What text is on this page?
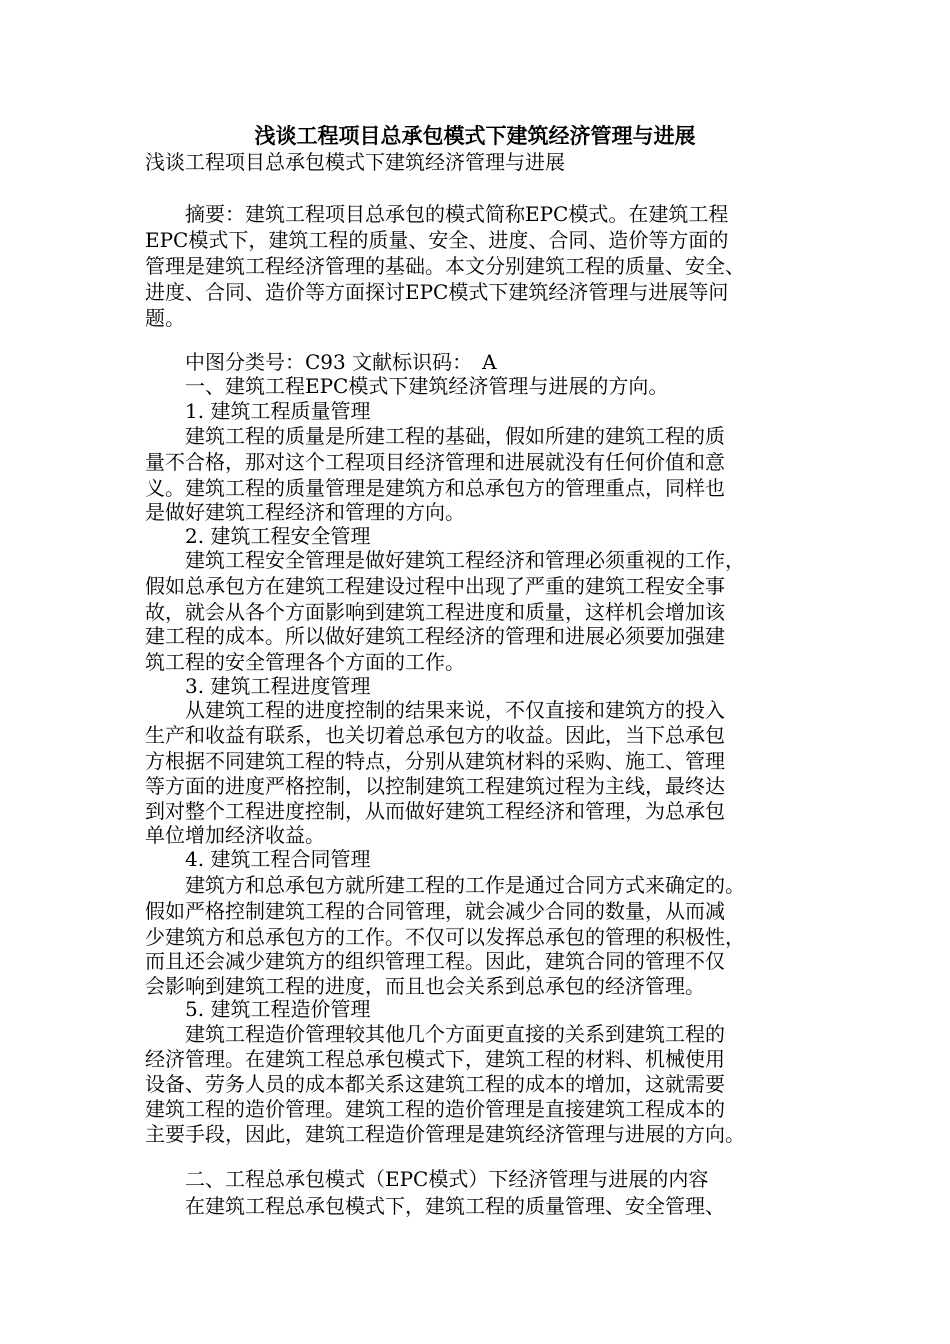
浅谈工程项目总承包模式下建筑经济管理与进展

浅谈工程项目总承包模式下建筑经济管理与进展

　　摘要：建筑工程项目总承包的模式简称EPC模式。在建筑工程

EPC模式下，建筑工程的质量、安全、进度、合同、造价等方面的

管理是建筑工程经济管理的基础。本文分别建筑工程的质量、安全、

进度、合同、造价等方面探讨EPC模式下建筑经济管理与进展等问

题。

　　中图分类号：C93 文献标识码：　A

　　一、建筑工程EPC模式下建筑经济管理与进展的方向。

　　1. 建筑工程质量管理

　　建筑工程的质量是所建工程的基础，假如所建的建筑工程的质

量不合格，那对这个工程项目经济管理和进展就没有任何价值和意

义。建筑工程的质量管理是建筑方和总承包方的管理重点，同样也

是做好建筑工程经济和管理的方向。

　　2. 建筑工程安全管理

　　建筑工程安全管理是做好建筑工程经济和管理必须重视的工作，

假如总承包方在建筑工程建设过程中出现了严重的建筑工程安全事

故，就会从各个方面影响到建筑工程进度和质量，这样机会增加该

建工程的成本。所以做好建筑工程经济的管理和进展必须要加强建

筑工程的安全管理各个方面的工作。

　　3. 建筑工程进度管理

　　从建筑工程的进度控制的结果来说，不仅直接和建筑方的投入

生产和收益有联系，也关切着总承包方的收益。因此，当下总承包

方根据不同建筑工程的特点，分别从建筑材料的采购、施工、管理

等方面的进度严格控制，以控制建筑工程建筑过程为主线，最终达

到对整个工程进度控制，从而做好建筑工程经济和管理，为总承包

单位增加经济收益。

　　4. 建筑工程合同管理

　　建筑方和总承包方就所建工程的工作是通过合同方式来确定的。

假如严格控制建筑工程的合同管理，就会减少合同的数量，从而减

少建筑方和总承包方的工作。不仅可以发挥总承包的管理的积极性，

而且还会减少建筑方的组织管理工程。因此，建筑合同的管理不仅

会影响到建筑工程的进度，而且也会关系到总承包的经济管理。

　　5. 建筑工程造价管理

　　建筑工程造价管理较其他几个方面更直接的关系到建筑工程的

经济管理。在建筑工程总承包模式下，建筑工程的材料、机械使用

设备、劳务人员的成本都关系这建筑工程的成本的增加，这就需要

建筑工程的造价管理。建筑工程的造价管理是直接建筑工程成本的

主要手段，因此，建筑工程造价管理是建筑经济管理与进展的方向。

　　二、工程总承包模式（EPC模式）下经济管理与进展的内容

　　在建筑工程总承包模式下，建筑工程的质量管理、安全管理、
